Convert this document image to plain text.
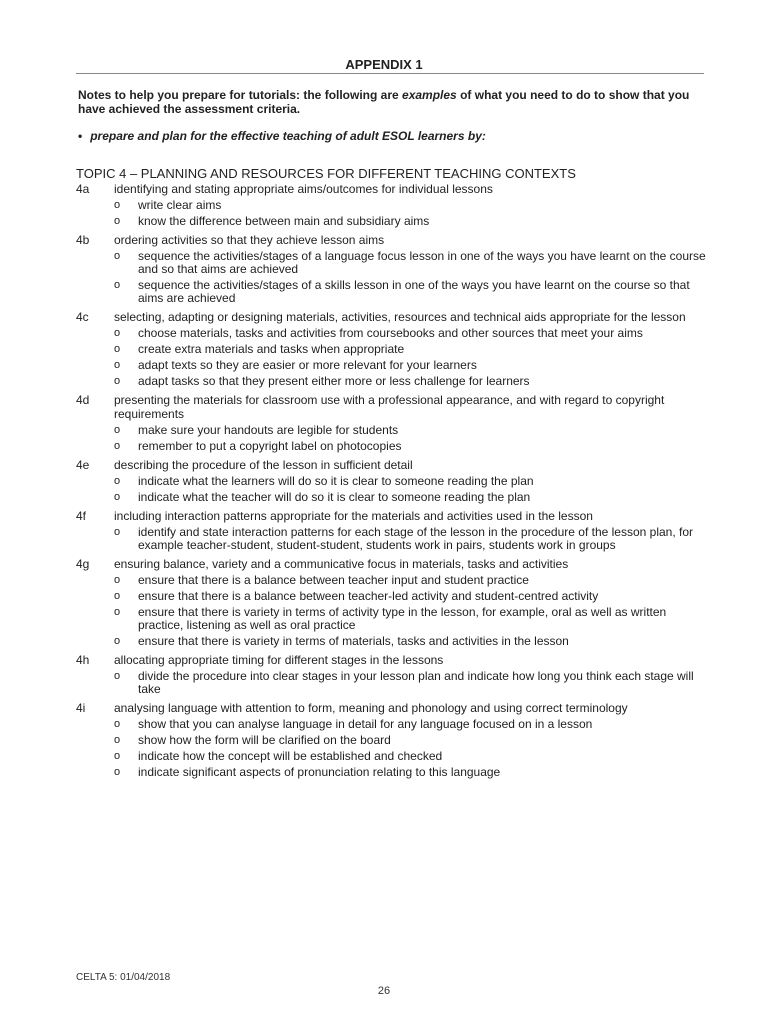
APPENDIX 1
Notes to help you prepare for tutorials: the following are examples of what you need to do to show that you have achieved the assessment criteria.
• prepare and plan for the effective teaching of adult ESOL learners by:
TOPIC 4 – PLANNING AND RESOURCES FOR DIFFERENT TEACHING CONTEXTS
4a	identifying and stating appropriate aims/outcomes for individual lessons
o	write clear aims
o	know the difference between main and subsidiary aims
4b	ordering activities so that they achieve lesson aims
o	sequence the activities/stages of a language focus lesson in one of the ways you have learnt on the course and so that aims are achieved
o	sequence the activities/stages of a skills lesson in one of the ways you have learnt on the course so that aims are achieved
4c	selecting, adapting or designing materials, activities, resources and technical aids appropriate for the lesson
o	choose materials, tasks and activities from coursebooks and other sources that meet your aims
o	create extra materials and tasks when appropriate
o	adapt texts so they are easier or more relevant for your learners
o	adapt tasks so that they present either more or less challenge for learners
4d	presenting the materials for classroom use with a professional appearance, and with regard to copyright requirements
o	make sure your handouts are legible for students
o	remember to put a copyright label on photocopies
4e	describing the procedure of the lesson in sufficient detail
o	indicate what the learners will do so it is clear to someone reading the plan
o	indicate what the teacher will do so it is clear to someone reading the plan
4f	including interaction patterns appropriate for the materials and activities used in the lesson
o	identify and state interaction patterns for each stage of the lesson in the procedure of the lesson plan, for example teacher-student, student-student, students work in pairs, students work in groups
4g	ensuring balance, variety and a communicative focus in materials, tasks and activities
o	ensure that there is a balance between teacher input and student practice
o	ensure that there is a balance between teacher-led activity and student-centred activity
o	ensure that there is variety in terms of activity type in the lesson, for example, oral as well as written practice, listening as well as oral practice
o	ensure that there is variety in terms of materials, tasks and activities in the lesson
4h	allocating appropriate timing for different stages in the lessons
o	divide the procedure into clear stages in your lesson plan and indicate how long you think each stage will take
4i	analysing language with attention to form, meaning and phonology and using correct terminology
o	show that you can analyse language in detail for any language focused on in a lesson
o	show how the form will be clarified on the board
o	indicate how the concept will be established and checked
o	indicate significant aspects of pronunciation relating to this language
CELTA 5: 01/04/2018
26
